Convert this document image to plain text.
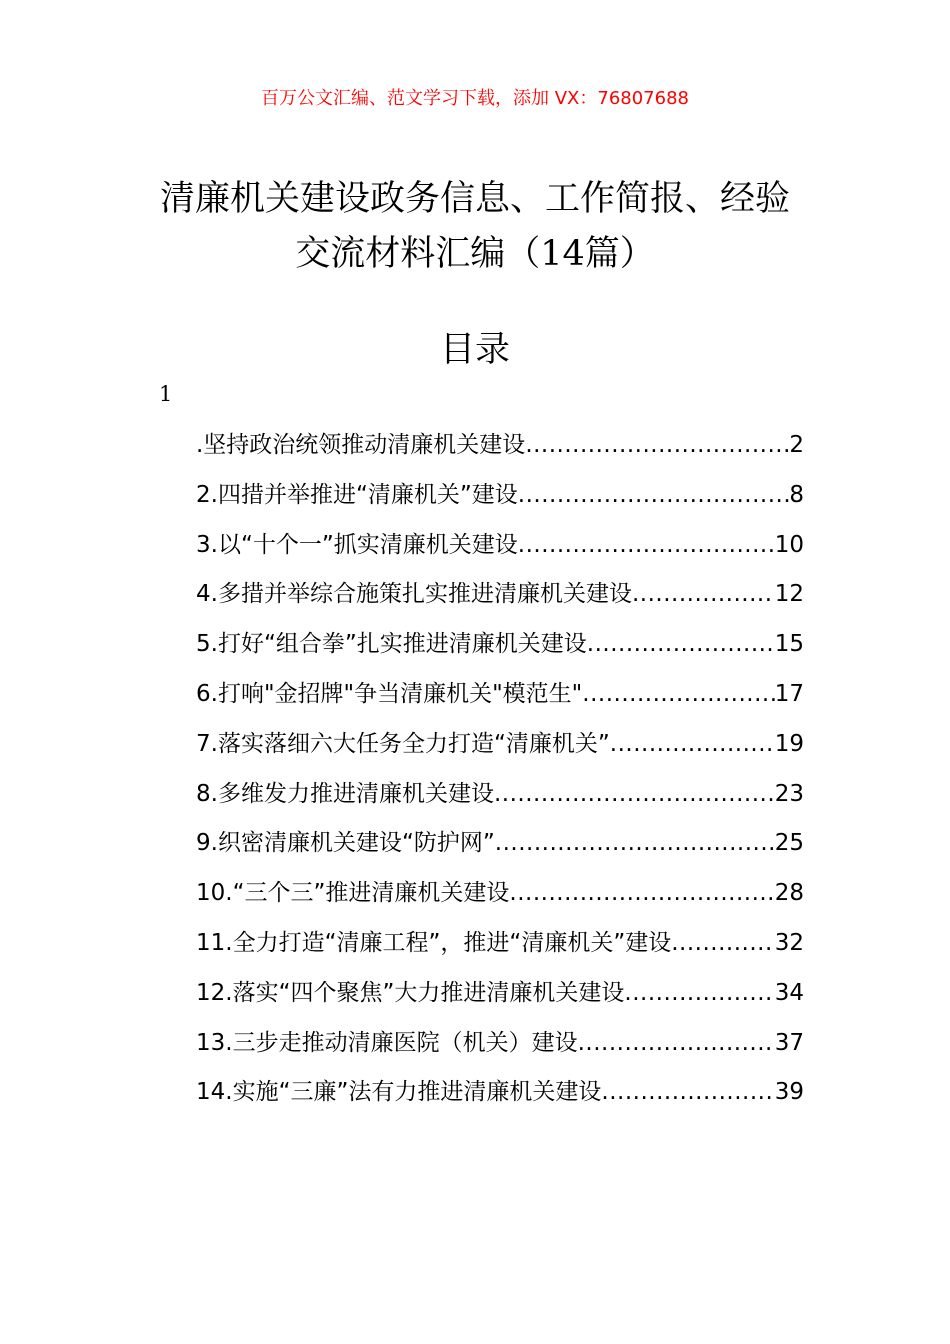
百万公文汇编、范文学习下载，添加 VX：76807688
清廉机关建设政务信息、工作简报、经验
交流材料汇编（14篇）
目录
1
.坚持政治统领推动清廉机关建设 .....	2
2.四措并举推进“清廉机关”建设 .....	8
3.以“十个一”抓实清廉机关建设 .....	10
4.多措并举综合施策扎实推进清廉机关建设 .....	12
5.打好“组合拳”扎实推进清廉机关建设 .....	15
6.打响"金招牌"争当清廉机关"模范生" .....	17
7.落实落细六大任务全力打造“清廉机关” .....	19
8.多维发力推进清廉机关建设 .....	23
9.织密清廉机关建设“防护网” .....	25
10.“三个三”推进清廉机关建设 .....	28
11.全力打造“清廉工程”，推进“清廉机关”建设 .....	32
12.落实“四个聚焦”大力推进清廉机关建设 .....	34
13.三步走推动清廉医院（机关）建设 .....	37
14.实施“三廉”法有力推进清廉机关建设 .....	39
